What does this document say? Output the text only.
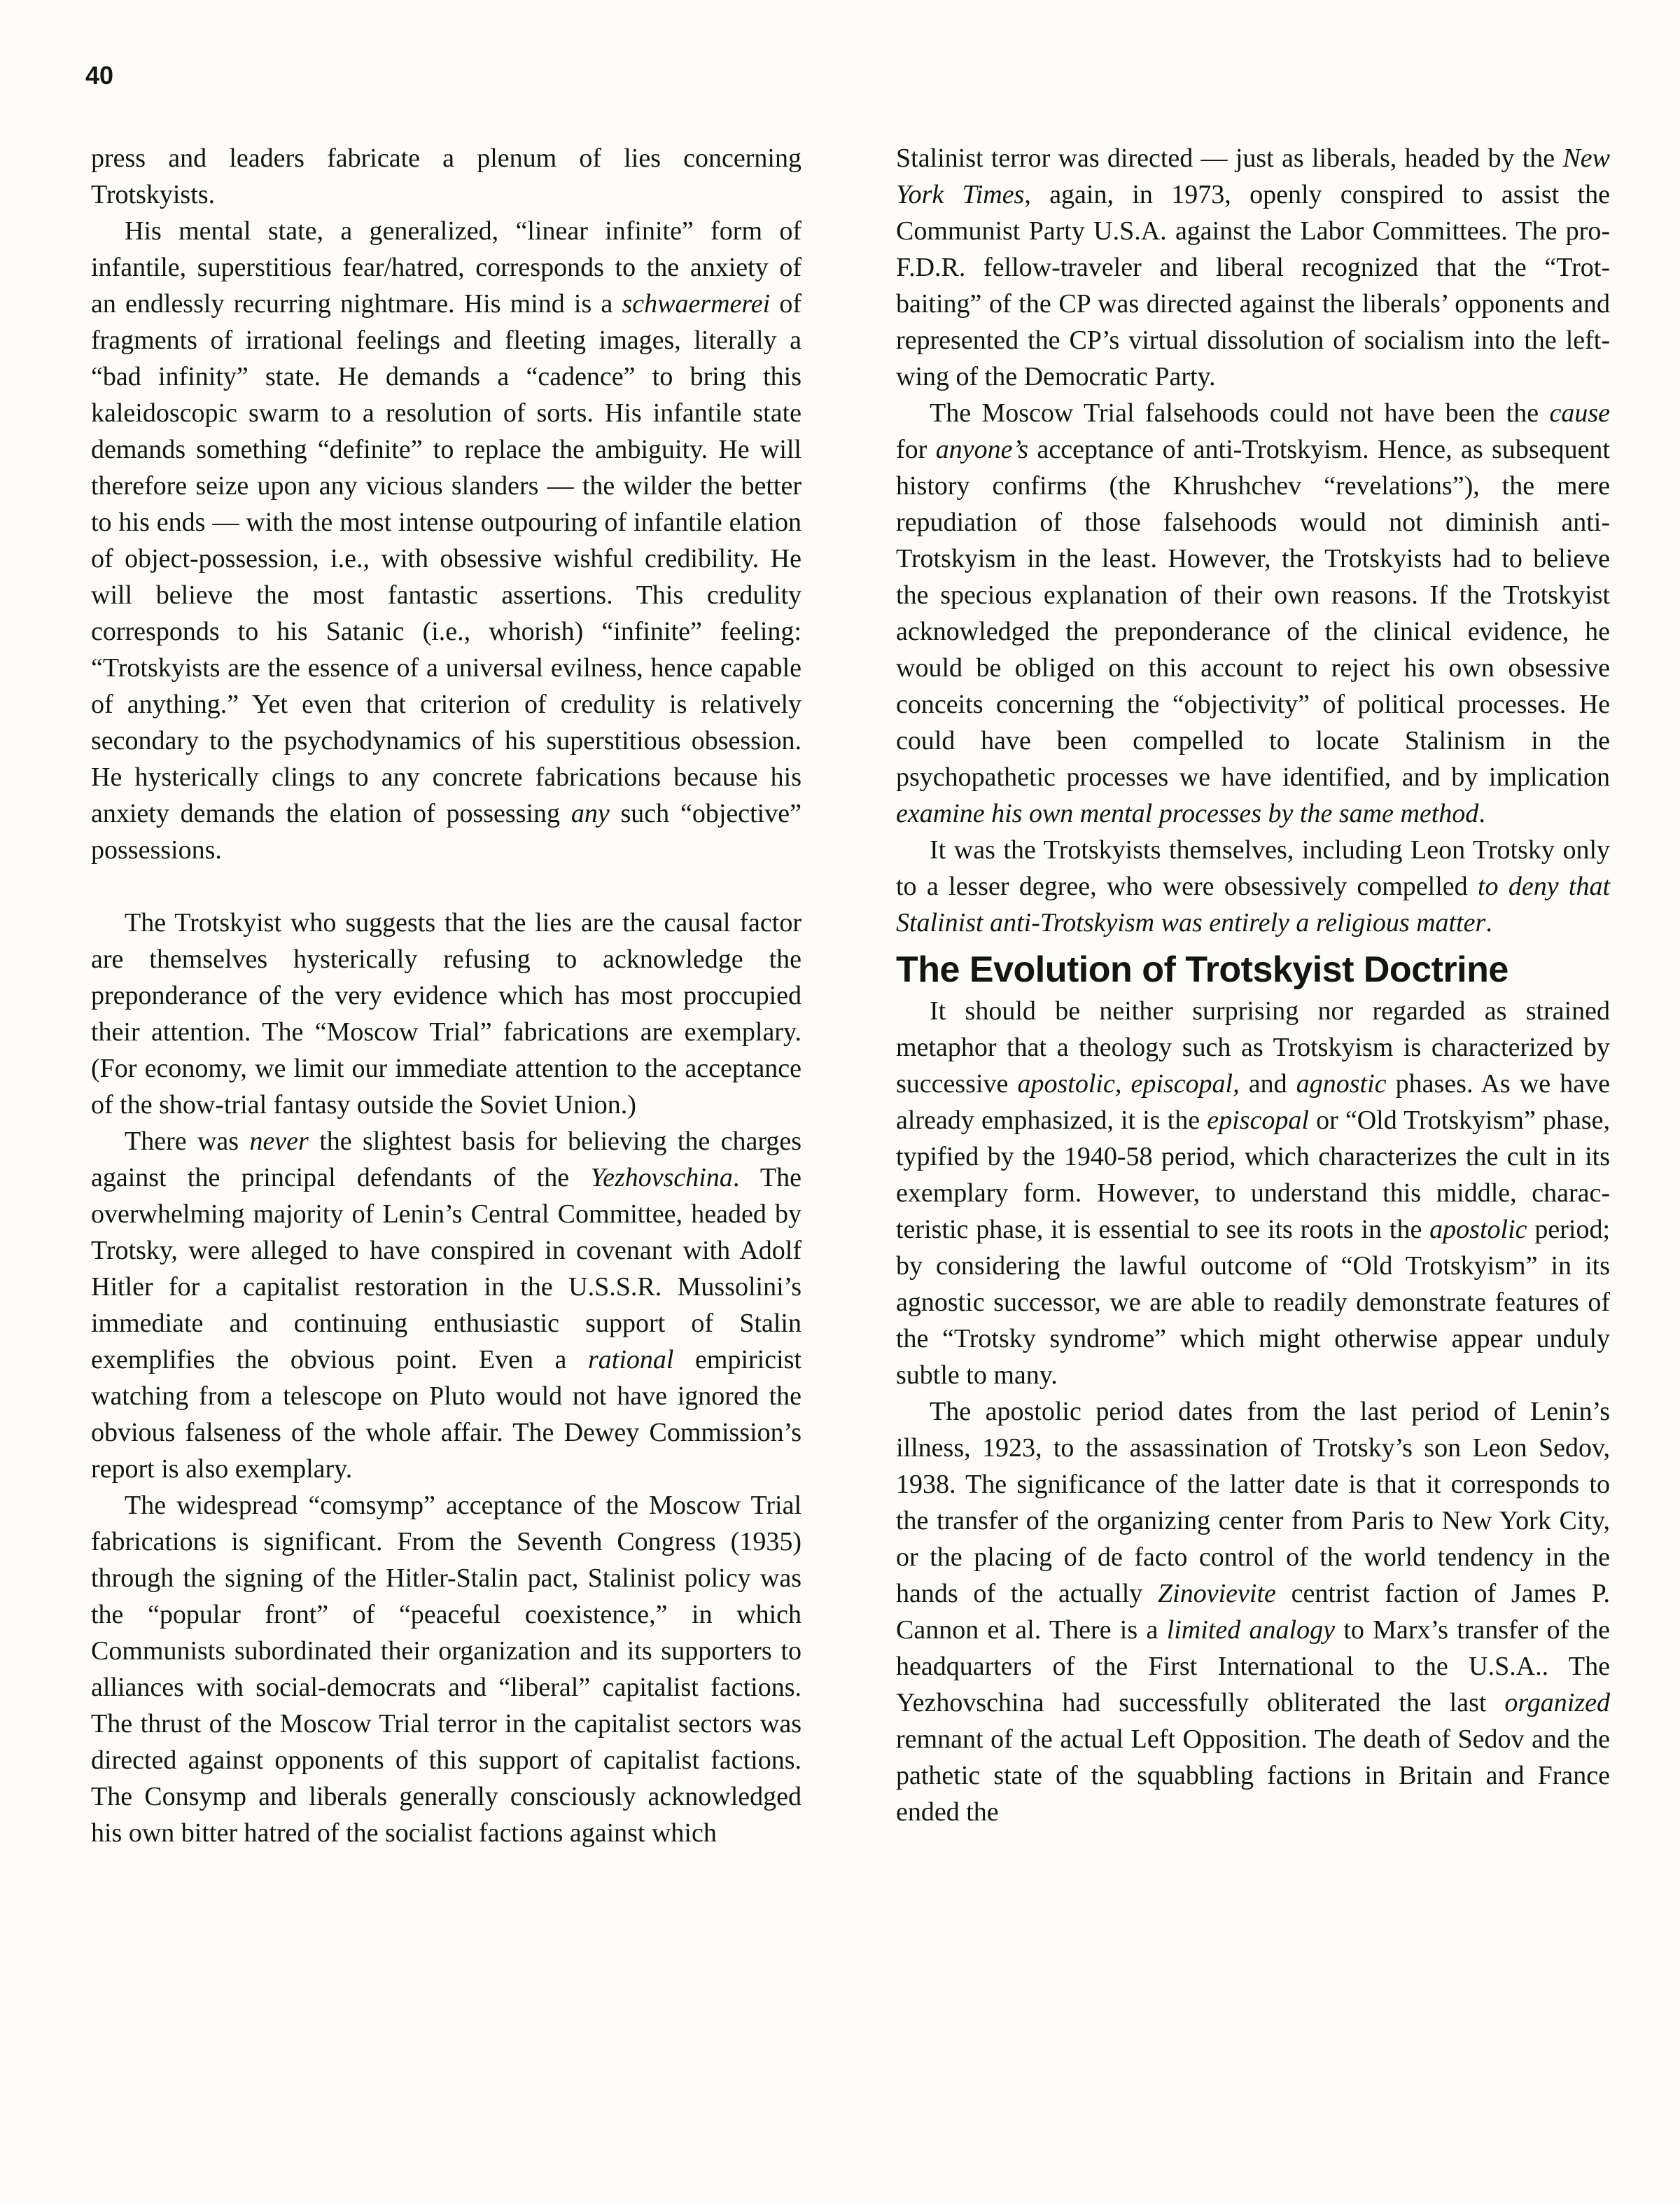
40

press and leaders fabricate a plenum of lies concerning Trotskyists.

His mental state, a generalized, “linear infinite” form of infantile, superstitious fear/hatred, corresponds to the anxiety of an endlessly recurring nightmare. His mind is a schwaermerei of fragments of irrational feelings and fleeting images, literally a “bad infinity” state. He demands a “cadence” to bring this kaleidoscopic swarm to a resolution of sorts. His infantile state demands something “definite” to replace the ambiguity. He will therefore seize upon any vicious slanders — the wilder the better to his ends — with the most intense outpouring of infantile elation of object-possession, i.e., with obsessive wishful credibility. He will believe the most fantastic assertions. This credulity corresponds to his Satanic (i.e., whorish) “infinite” feeling: “Trotskyists are the essence of a universal evilness, hence capable of anything.” Yet even that criterion of credulity is relatively secondary to the psychodynamics of his superstitious obsession. He hysterically clings to any concrete fabrications because his anxiety demands the elation of possessing any such “objective” possessions.

The Trotskyist who suggests that the lies are the causal factor are themselves hysterically refusing to acknowledge the preponderance of the very evidence which has most proccupied their attention. The “Moscow Trial” fabrications are exemplary. (For economy, we limit our immediate attention to the acceptance of the show-trial fantasy outside the Soviet Union.)

There was never the slightest basis for believing the charges against the principal defendants of the Yezhovschina. The overwhelming majority of Lenin’s Central Committee, headed by Trotsky, were alleged to have conspired in covenant with Adolf Hitler for a capitalist restoration in the U.S.S.R. Mussolini’s immediate and continuing enthusiastic support of Stalin exemplifies the obvious point. Even a rational empiricist watching from a telescope on Pluto would not have ignored the obvious falseness of the whole affair. The Dewey Commission’s report is also exemplary.

The widespread “comsymp” acceptance of the Moscow Trial fabrications is significant. From the Seventh Congress (1935) through the signing of the Hitler-Stalin pact, Stalinist policy was the “popular front” of “peaceful coexistence,” in which Communists subordinated their organization and its supporters to alliances with social-democrats and “liberal” capitalist factions. The thrust of the Moscow Trial terror in the capitalist sectors was directed against opponents of this support of capitalist factions. The Consymp and liberals generally consciously acknowledged his own bitter hatred of the socialist factions against which

Stalinist terror was directed — just as liberals, headed by the New York Times, again, in 1973, openly conspired to assist the Communist Party U.S.A. against the Labor Committees. The pro-F.D.R. fellow-traveler and liberal recognized that the “Trot-baiting” of the CP was directed against the liberals’ opponents and represented the CP’s virtual dissolution of socialism into the left-wing of the Democratic Party.

The Moscow Trial falsehoods could not have been the cause for anyone’s acceptance of anti-Trotskyism. Hence, as subsequent history confirms (the Khrushchev “revelations”), the mere repudiation of those falsehoods would not diminish anti-Trotskyism in the least. However, the Trotskyists had to believe the specious explanation of their own reasons. If the Trotskyist acknowledged the preponderance of the clinical evidence, he would be obliged on this account to reject his own obsessive conceits concerning the “objectivity” of political processes. He could have been compelled to locate Stalinism in the psychopathetic processes we have identified, and by implication examine his own mental processes by the same method.

It was the Trotskyists themselves, including Leon Trotsky only to a lesser degree, who were obsessively compelled to deny that Stalinist anti-Trotskyism was entirely a religious matter.

The Evolution of Trotskyist Doctrine

It should be neither surprising nor regarded as strained metaphor that a theology such as Trotskyism is characterized by successive apostolic, episcopal, and agnostic phases. As we have already emphasized, it is the episcopal or “Old Trotskyism” phase, typified by the 1940-58 period, which characterizes the cult in its exemplary form. However, to understand this middle, characteristic phase, it is essential to see its roots in the apostolic period; by considering the lawful outcome of “Old Trotskyism” in its agnostic successor, we are able to readily demonstrate features of the “Trotsky syndrome” which might otherwise appear unduly subtle to many.

The apostolic period dates from the last period of Lenin’s illness, 1923, to the assassination of Trotsky’s son Leon Sedov, 1938. The significance of the latter date is that it corresponds to the transfer of the organizing center from Paris to New York City, or the placing of de facto control of the world tendency in the hands of the actually Zinovievite centrist faction of James P. Cannon et al. There is a limited analogy to Marx’s transfer of the headquarters of the First International to the U.S.A.. The Yezhovschina had successfully obliterated the last organized remnant of the actual Left Opposition. The death of Sedov and the pathetic state of the squabbling factions in Britain and France ended the
